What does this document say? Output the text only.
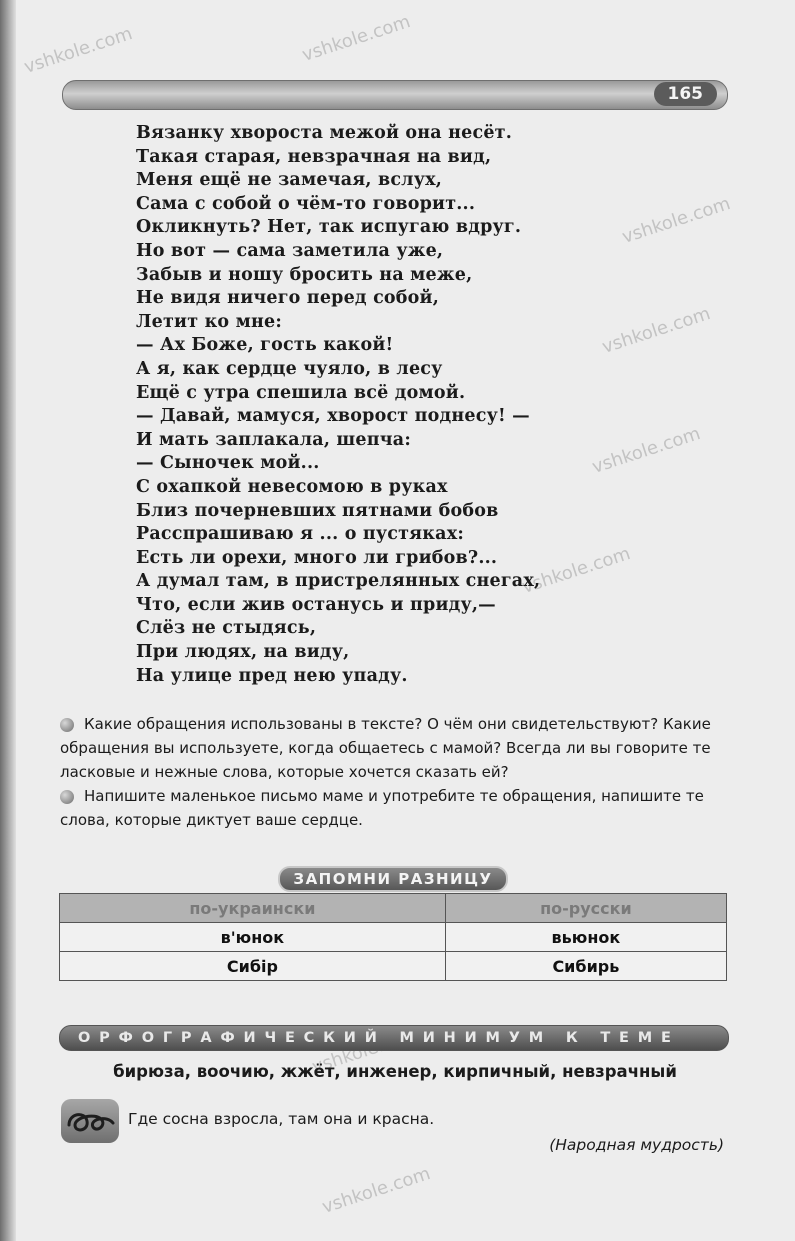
vshkole.com
vshkole.com
vshkole.com
vshkole.com
vshkole.com
vshkole.com
vshkole.com
165
Вязанку хвороста межой она несёт.
Такая старая, невзрачная на вид,
Меня ещё не замечая, вслух,
Сама с собой о чём-то говорит...
Окликнуть? Нет, так испугаю вдруг.
Но вот — сама заметила уже,
Забыв и ношу бросить на меже,
Не видя ничего перед собой,
Летит ко мне:
— Ах Боже, гость какой!
А я, как сердце чуяло, в лесу
Ещё с утра спешила всё домой.
— Давай, мамуся, хворост поднесу! —
И мать заплакала, шепча:
— Сыночек мой...
С охапкой невесомою в руках
Близ почерневших пятнами бобов
Расспрашиваю я ... о пустяках:
Есть ли орехи, много ли грибов?...
А думал там, в пристрелянных снегах,
Что, если жив останусь и приду,—
Слёз не стыдясь,
При людях, на виду,
На улице пред нею упаду.
Какие обращения использованы в тексте? О чём они свидетельствуют? Какие обращения вы используете, когда общаетесь с мамой? Всегда ли вы говорите те ласковые и нежные слова, которые хочется сказать ей?
Напишите маленькое письмо маме и употребите те обращения, напишите те слова, которые диктует ваше сердце.
ЗАПОМНИ РАЗНИЦУ
по-украински	по-русски
в'юнок	вьюнок
Сибір	Сибирь
ОРФОГРАФИЧЕСКИЙ МИНИМУМ К ТЕМЕ
бирюза, воочию, жжёт, инженер, кирпичный, невзрачный
Где сосна взросла, там она и красна.
(Народная мудрость)
